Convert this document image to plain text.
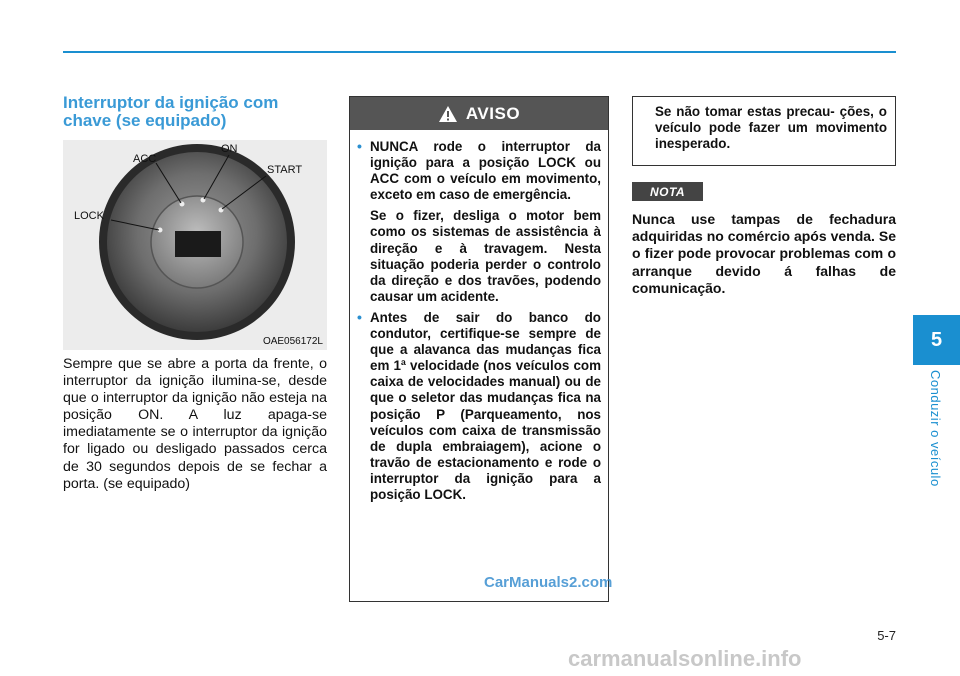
Interruptor da ignição com
chave (se equipado)
LOCK
ACC
ON
START
OAE056172L

Sempre que se abre a porta da frente, o interruptor da ignição ilumina-se, desde que o interruptor da ignição não esteja na posição ON. A luz apaga-se imediatamente se o interruptor da ignição for ligado ou desligado passados cerca de 30 segundos depois de se fechar a porta. (se equipado)

AVISO

• NUNCA rode o interruptor da ignição para a posição LOCK ou ACC com o veículo em movimento, exceto em caso de emergência.

Se o fizer, desliga o motor bem como os sistemas de assistência à direção e à travagem. Nesta situação poderia perder o controlo da direção e dos travões, podendo causar um acidente.

• Antes de sair do banco do condutor, certifique-se sempre de que a alavanca das mudanças fica em 1ª velocidade (nos veículos com caixa de velocidades manual) ou de que o seletor das mudanças fica na posição P (Parqueamento, nos veículos com caixa de transmissão de dupla embraiagem), acione o travão de estacionamento e rode o interruptor da ignição para a posição LOCK.

Se não tomar estas precau- ções, o veículo pode fazer um movimento inesperado.
NOTA

Nunca use tampas de fechadura adquiridas no comércio após venda. Se o fizer pode provocar problemas com o arranque devido á falhas de comunicação.

5
Conduzir o veículo
5-7
CarManuals2.com
carmanualsonline.info
